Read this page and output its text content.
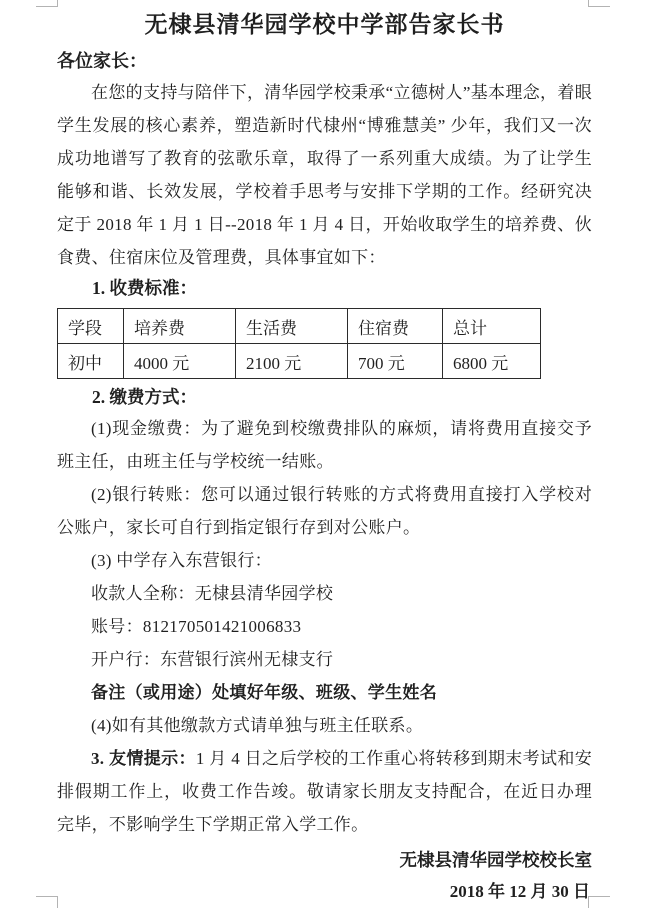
无棣县清华园学校中学部告家长书

各位家长：

在您的支持与陪伴下，清华园学校秉承“立德树人”基本理念，着眼学生发展的核心素养，塑造新时代棣州“博雅慧美” 少年，我们又一次成功地谱写了教育的弦歌乐章，取得了一系列重大成绩。为了让学生能够和谐、长效发展，学校着手思考与安排下学期的工作。经研究决定于 2018 年 1 月 1 日--2018 年 1 月 4 日，开始收取学生的培养费、伙食费、住宿床位及管理费，具体事宜如下：

1. 收费标准：

学段	培养费	生活费	住宿费	总计
初中	4000 元	2100 元	700 元	6800 元

2. 缴费方式：

(1)现金缴费：为了避免到校缴费排队的麻烦，请将费用直接交予班主任，由班主任与学校统一结账。

(2)银行转账：您可以通过银行转账的方式将费用直接打入学校对公账户，家长可自行到指定银行存到对公账户。

(3) 中学存入东营银行：

收款人全称：无棣县清华园学校

账号：812170501421006833

开户行：东营银行滨州无棣支行

备注（或用途）处填好年级、班级、学生姓名

(4)如有其他缴款方式请单独与班主任联系。

3. 友情提示：1 月 4 日之后学校的工作重心将转移到期末考试和安排假期工作上，收费工作告竣。敬请家长朋友支持配合，在近日办理完毕，不影响学生下学期正常入学工作。

无棣县清华园学校校长室

2018 年 12 月 30 日
